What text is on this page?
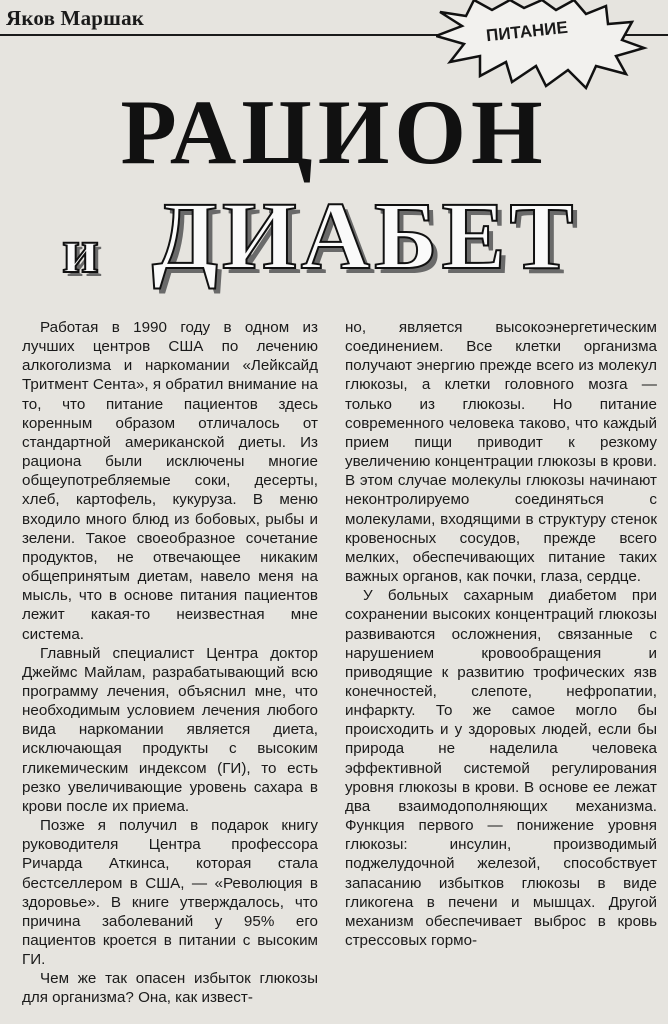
Яков Маршак	ПИТАНИЕ
РАЦИОН
и ДИАБЕТ

Работая в 1990 году в одном из лучших центров США по лечению алкоголизма и наркомании «Лейксайд Тритмент Сента», я обратил внимание на то, что питание пациентов здесь коренным образом отличалось от стандартной американской диеты. Из рациона были исключены многие общеупотребляемые соки, десерты, хлеб, картофель, кукуруза. В меню входило много блюд из бобовых, рыбы и зелени. Такое своеобразное сочетание продуктов, не отвечающее никаким общепринятым диетам, навело меня на мысль, что в основе питания пациентов лежит какая-то неизвестная мне система.

Главный специалист Центра доктор Джеймс Майлам, разрабатывающий всю программу лечения, объяснил мне, что необходимым условием лечения любого вида наркомании является диета, исключающая продукты с высоким гликемическим индексом (ГИ), то есть резко увеличивающие уровень сахара в крови после их приема.

Позже я получил в подарок книгу руководителя Центра профессора Ричарда Аткинса, которая стала бестселлером в США, — «Революция в здоровье». В книге утверждалось, что причина заболеваний у 95% его пациентов кроется в питании с высоким ГИ.

Чем же так опасен избыток глюкозы для организма? Она, как извест-

но, является высокоэнергетическим соединением. Все клетки организма получают энергию прежде всего из молекул глюкозы, а клетки головного мозга — только из глюкозы. Но питание современного человека таково, что каждый прием пищи приводит к резкому увеличению концентрации глюкозы в крови. В этом случае молекулы глюкозы начинают неконтролируемо соединяться с молекулами, входящими в структуру стенок кровеносных сосудов, прежде всего мелких, обеспечивающих питание таких важных органов, как почки, глаза, сердце.

У больных сахарным диабетом при сохранении высоких концентраций глюкозы развиваются осложнения, связанные с нарушением кровообращения и приводящие к развитию трофических язв конечностей, слепоте, нефропатии, инфаркту. То же самое могло бы происходить и у здоровых людей, если бы природа не наделила человека эффективной системой регулирования уровня глюкозы в крови. В основе ее лежат два взаимодополняющих механизма. Функция первого — понижение уровня глюкозы: инсулин, производимый поджелудочной железой, способствует запасанию избытков глюкозы в виде гликогена в печени и мышцах. Другой механизм обеспечивает выброс в кровь стрессовых гормо-
